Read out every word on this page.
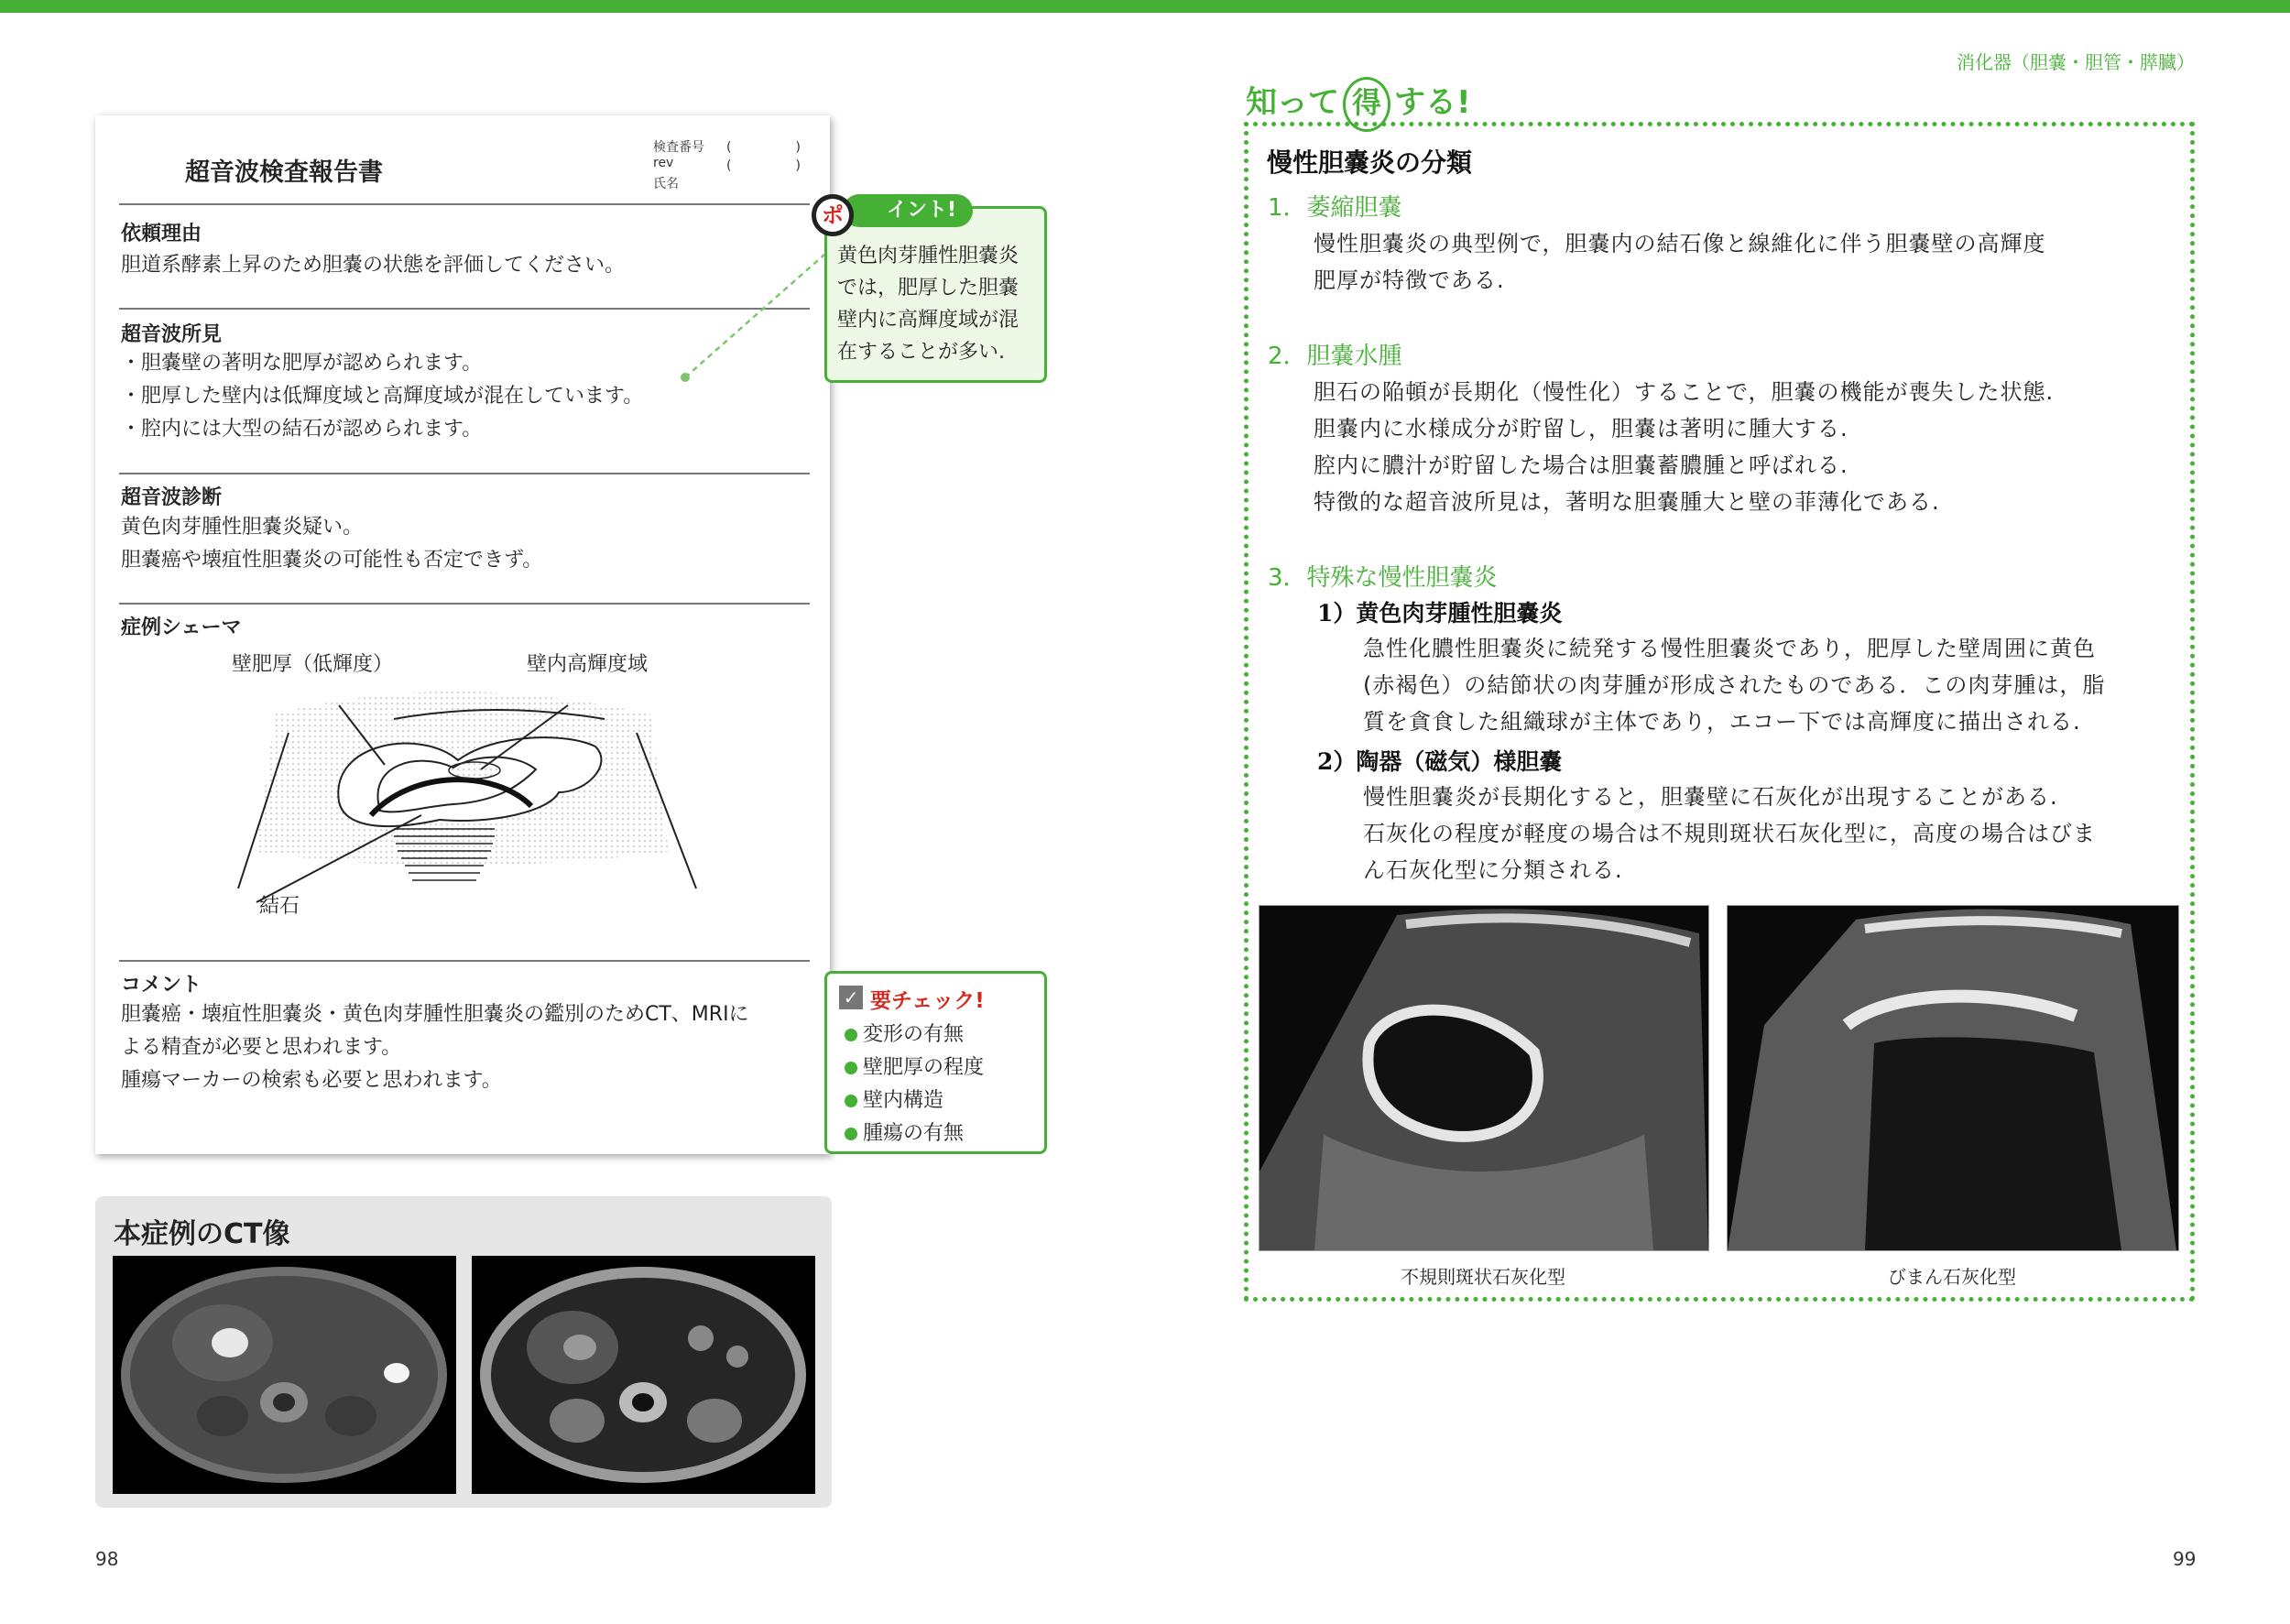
超音波検査報告書
検査番号	(　　　　　)
rev	(　　　　　)
氏名
依頼理由
胆道系酵素上昇のため胆嚢の状態を評価してください。
超音波所見
・胆嚢壁の著明な肥厚が認められます。
・肥厚した壁内は低輝度域と高輝度域が混在しています。
・腔内には大型の結石が認められます。
超音波診断
黄色肉芽腫性胆嚢炎疑い。
胆嚢癌や壊疽性胆嚢炎の可能性も否定できず。
症例シェーマ
壁肥厚（低輝度）	壁内高輝度域
結石
コメント
胆嚢癌・壊疽性胆嚢炎・黄色肉芽腫性胆嚢炎の鑑別のためCT、MRIに
よる精査が必要と思われます。
腫瘍マーカーの検索も必要と思われます。
イント!
ポ
黄色肉芽腫性胆嚢炎
では，肥厚した胆嚢
壁内に高輝度域が混
在することが多い.
✓ 要チェック!
変形の有無
壁肥厚の程度
壁内構造
腫瘍の有無
本症例のCT像
98
消化器（胆嚢・胆管・膵臓）
知って 得 する!
慢性胆嚢炎の分類
1．萎縮胆嚢
慢性胆嚢炎の典型例で，胆嚢内の結石像と線維化に伴う胆嚢壁の高輝度
肥厚が特徴である.
2．胆嚢水腫
胆石の陥頓が長期化（慢性化）することで，胆嚢の機能が喪失した状態.
胆嚢内に水様成分が貯留し，胆嚢は著明に腫大する.
腔内に膿汁が貯留した場合は胆嚢蓄膿腫と呼ばれる.
特徴的な超音波所見は，著明な胆嚢腫大と壁の菲薄化である.
3．特殊な慢性胆嚢炎
1）黄色肉芽腫性胆嚢炎
急性化膿性胆嚢炎に続発する慢性胆嚢炎であり，肥厚した壁周囲に黄色
(赤褐色）の結節状の肉芽腫が形成されたものである．この肉芽腫は，脂
質を貪食した組織球が主体であり，エコー下では高輝度に描出される.
2）陶器（磁気）様胆嚢
慢性胆嚢炎が長期化すると，胆嚢壁に石灰化が出現することがある.
石灰化の程度が軽度の場合は不規則斑状石灰化型に，高度の場合はびま
ん石灰化型に分類される.
不規則斑状石灰化型	びまん石灰化型
99
